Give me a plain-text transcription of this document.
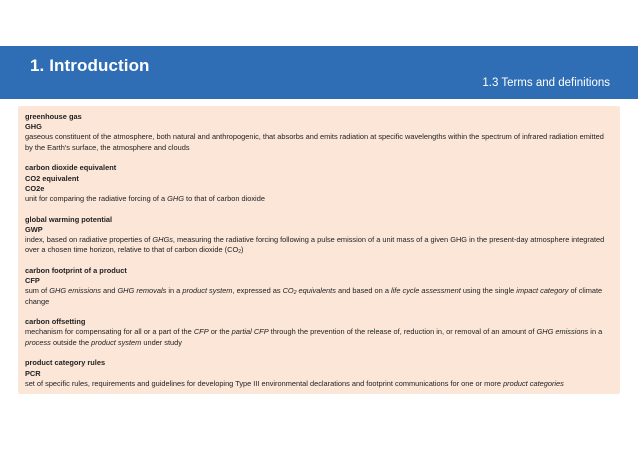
1. Introduction
1.3 Terms and definitions
greenhouse gas
GHG
gaseous constituent of the atmosphere, both natural and anthropogenic, that absorbs and emits radiation at specific wavelengths within the spectrum of infrared radiation emitted by the Earth's surface, the atmosphere and clouds
carbon dioxide equivalent
CO2 equivalent
CO2e
unit for comparing the radiative forcing of a GHG to that of carbon dioxide
global warming potential
GWP
index, based on radiative properties of GHGs, measuring the radiative forcing following a pulse emission of a unit mass of a given GHG in the present-day atmosphere integrated over a chosen time horizon, relative to that of carbon dioxide $(CO_2)$
carbon footprint of a product
CFP
sum of GHG emissions and GHG removals in a product system, expressed as $CO_2$ equivalents and based on a life cycle assessment using the single impact category of climate change
carbon offsetting
mechanism for compensating for all or a part of the CFP or the partial CFP through the prevention of the release of, reduction in, or removal of an amount of GHG emissions in a process outside the product system under study
product category rules
PCR
set of specific rules, requirements and guidelines for developing Type III environmental declarations and footprint communications for one or more product categories
